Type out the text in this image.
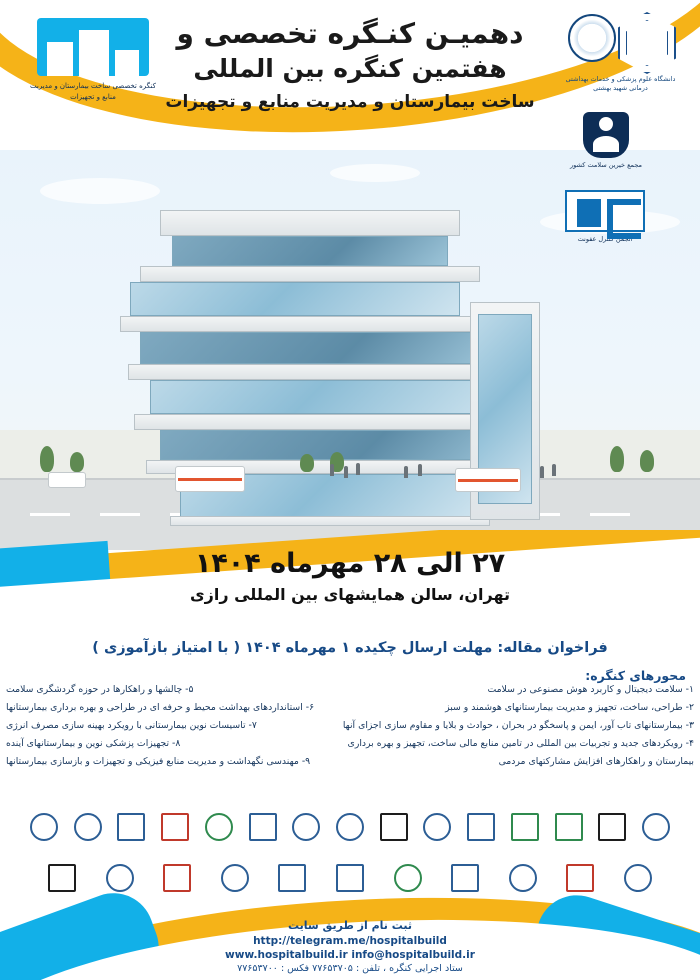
دهمیـن کنـگره تخصصی و
هفتمین کنگره بین المللی
ساخت بیمارستان و مدیریت منابع و تجهیزات
دانشگاه علوم پزشکی و خدمات بهداشتی درمانی شهید بهشتی
مجمع خیرین سلامت کشور
انجمن کنترل عفونت
کنگره تخصصی ساخت بیمارستان و مدیریت منابع و تجهیزات
۲۷ الی ۲۸ مهرماه ۱۴۰۴
تهران، سالن همایشهای بین المللی رازی
فراخوان مقاله: مهلت ارسال چکیده ۱ مهرماه ۱۴۰۴ ( با امتیاز بازآموزی )
محورهای کنگره:
۱- سلامت دیجیتال و کاربرد هوش مصنوعی در سلامت
۲- طراحی، ساخت، تجهیز و مدیریت بیمارستانهای هوشمند و سبز
۳- بیمارستانهای تاب آور، ایمن و پاسخگو در بحران ، حوادث و بلایا و مقاوم سازی اجزای آنها
۴- رویکردهای جدید و تجربیات بین المللی در تامین منابع مالی ساخت، تجهیز و بهره برداری
بیمارستان و راهکارهای افزایش مشارکتهای مردمی
۵- چالشها و راهکارها در حوزه گردشگری سلامت
۶- استانداردهای بهداشت محیط و حرفه ای در طراحی و بهره برداری بیمارستانها
۷- تاسیسات نوین بیمارستانی با رویکرد بهینه سازی مصرف انرژی
۸- تجهیزات پزشکی نوین و بیمارستانهای آینده
۹- مهندسی نگهداشت و مدیریت منابع فیزیکی و تجهیزات و بازسازی بیمارستانها
ثبت نام از طریق سایت
http://telegram.me/hospitalbuild
www.hospitalbuild.ir info@hospitalbuild.ir
ستاد اجرایی کنگره ، تلفن : ۷۷۶۵۳۷۰۵ فکس : ۷۷۶۵۳۷۰۰
